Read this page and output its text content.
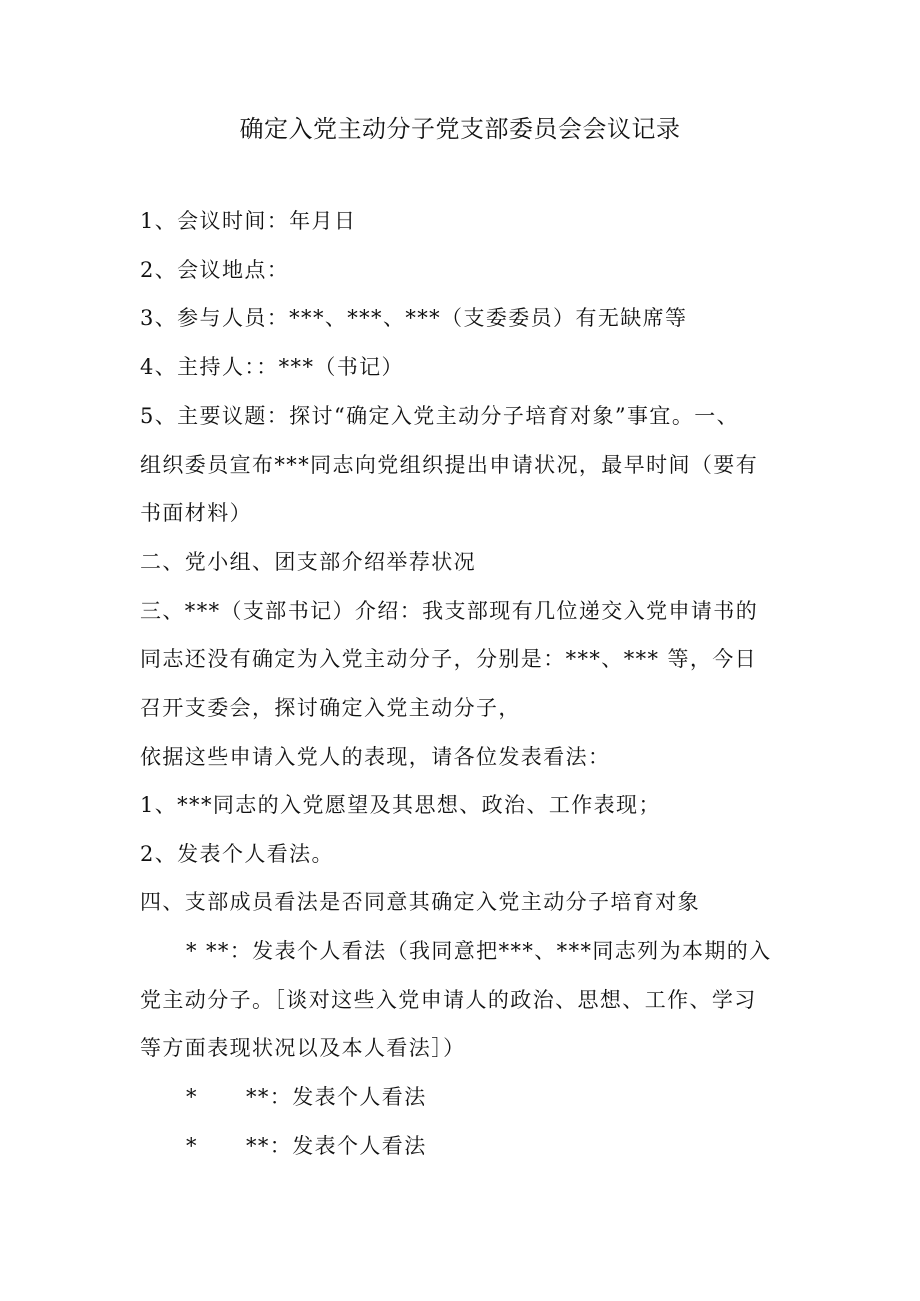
确定入党主动分子党支部委员会会议记录
1、会议时间：年月日
2、会议地点：
3、参与人员：***、***、***（支委委员）有无缺席等
4、主持人：：***（书记）
5、主要议题：探讨“确定入党主动分子培育对象”事宜。一、
组织委员宣布***同志向党组织提出申请状况，最早时间（要有
书面材料）
二、党小组、团支部介绍举荐状况
三、***（支部书记）介绍：我支部现有几位递交入党申请书的
同志还没有确定为入党主动分子，分别是：***、*** 等，今日
召开支委会，探讨确定入党主动分子，
依据这些申请入党人的表现，请各位发表看法：
1、***同志的入党愿望及其思想、政治、工作表现；
2、发表个人看法。
四、支部成员看法是否同意其确定入党主动分子培育对象
* **：发表个人看法（我同意把***、***同志列为本期的入
党主动分子。［谈对这些入党申请人的政治、思想、工作、学习
等方面表现状况以及本人看法］）
* **：发表个人看法
* **：发表个人看法
